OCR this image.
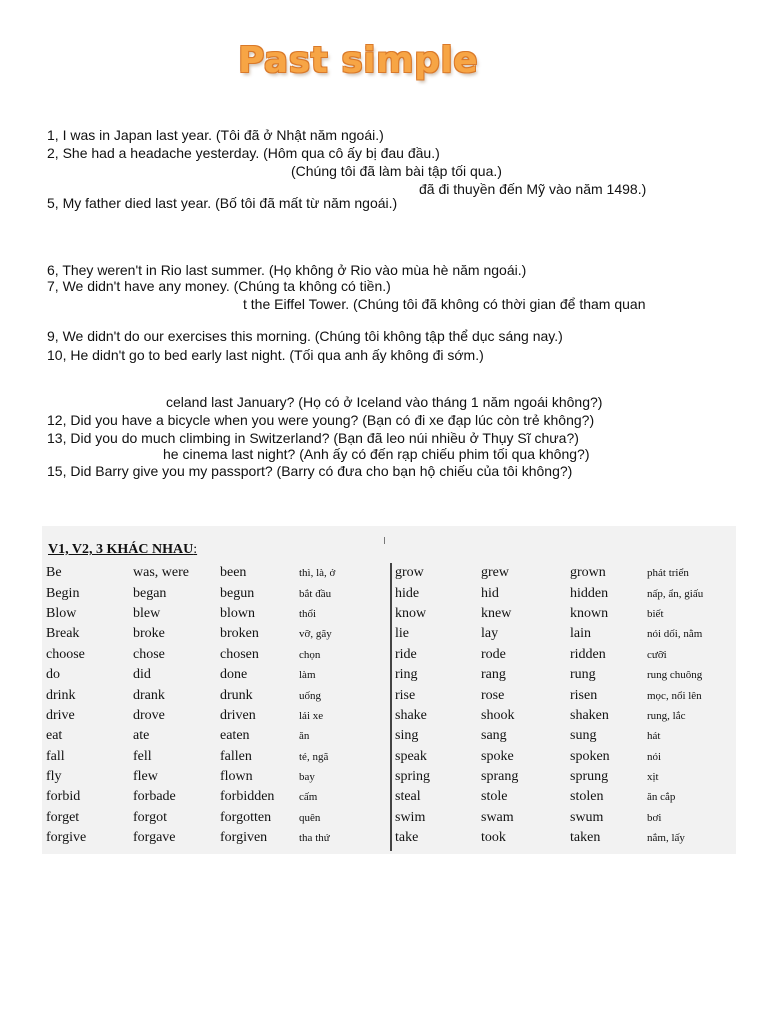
Past simple

1, I was in Japan last year. (Tôi đã ở Nhật năm ngoái.)

2, She had a headache yesterday. (Hôm qua cô ấy bị đau đầu.)

(Chúng tôi đã làm bài tập tối qua.)

đã đi thuyền đến Mỹ vào năm 1498.)

5, My father died last year. (Bố tôi đã mất từ năm ngoái.)

6, They weren't in Rio last summer. (Họ không ở Rio vào mùa hè năm ngoái.)

7, We didn't have any money. (Chúng ta không có tiền.)

t the Eiffel Tower. (Chúng tôi đã không có thời gian để tham quan

9, We didn't do our exercises this morning. (Chúng tôi không tập thể dục sáng nay.)

10, He didn't go to bed early last night. (Tối qua anh ấy không đi sớm.)

celand last January? (Họ có ở Iceland vào tháng 1 năm ngoái không?)

12, Did you have a bicycle when you were young? (Bạn có đi xe đạp lúc còn trẻ không?)

13, Did you do much climbing in Switzerland? (Bạn đã leo núi nhiều ở Thụy Sĩ chưa?)

he cinema last night? (Anh ấy có đến rạp chiếu phim tối qua không?)

15, Did Barry give you my passport? (Barry có đưa cho bạn hộ chiếu của tôi không?)

V1, V2, 3 KHÁC NHAU:

Be	was, were	been	thì, là, ở
Begin	began	begun	bắt đầu
Blow	blew	blown	thổi
Break	broke	broken	vỡ, gãy
choose	chose	chosen	chọn
do	did	done	làm
drink	drank	drunk	uống
drive	drove	driven	lái xe
eat	ate	eaten	ăn
fall	fell	fallen	té, ngã
fly	flew	flown	bay
forbid	forbade	forbidden	cấm
forget	forgot	forgotten	quên
forgive	forgave	forgiven	tha thứ
grow	grew	grown	phát triển
hide	hid	hidden	nấp, ẩn, giấu
know	knew	known	biết
lie	lay	lain	nói dối, nằm
ride	rode	ridden	cưỡi
ring	rang	rung	rung chuông
rise	rose	risen	mọc, nổi lên
shake	shook	shaken	rung, lắc
sing	sang	sung	hát
speak	spoke	spoken	nói
spring	sprang	sprung	xịt
steal	stole	stolen	ăn cắp
swim	swam	swum	bơi
take	took	taken	nắm, lấy
